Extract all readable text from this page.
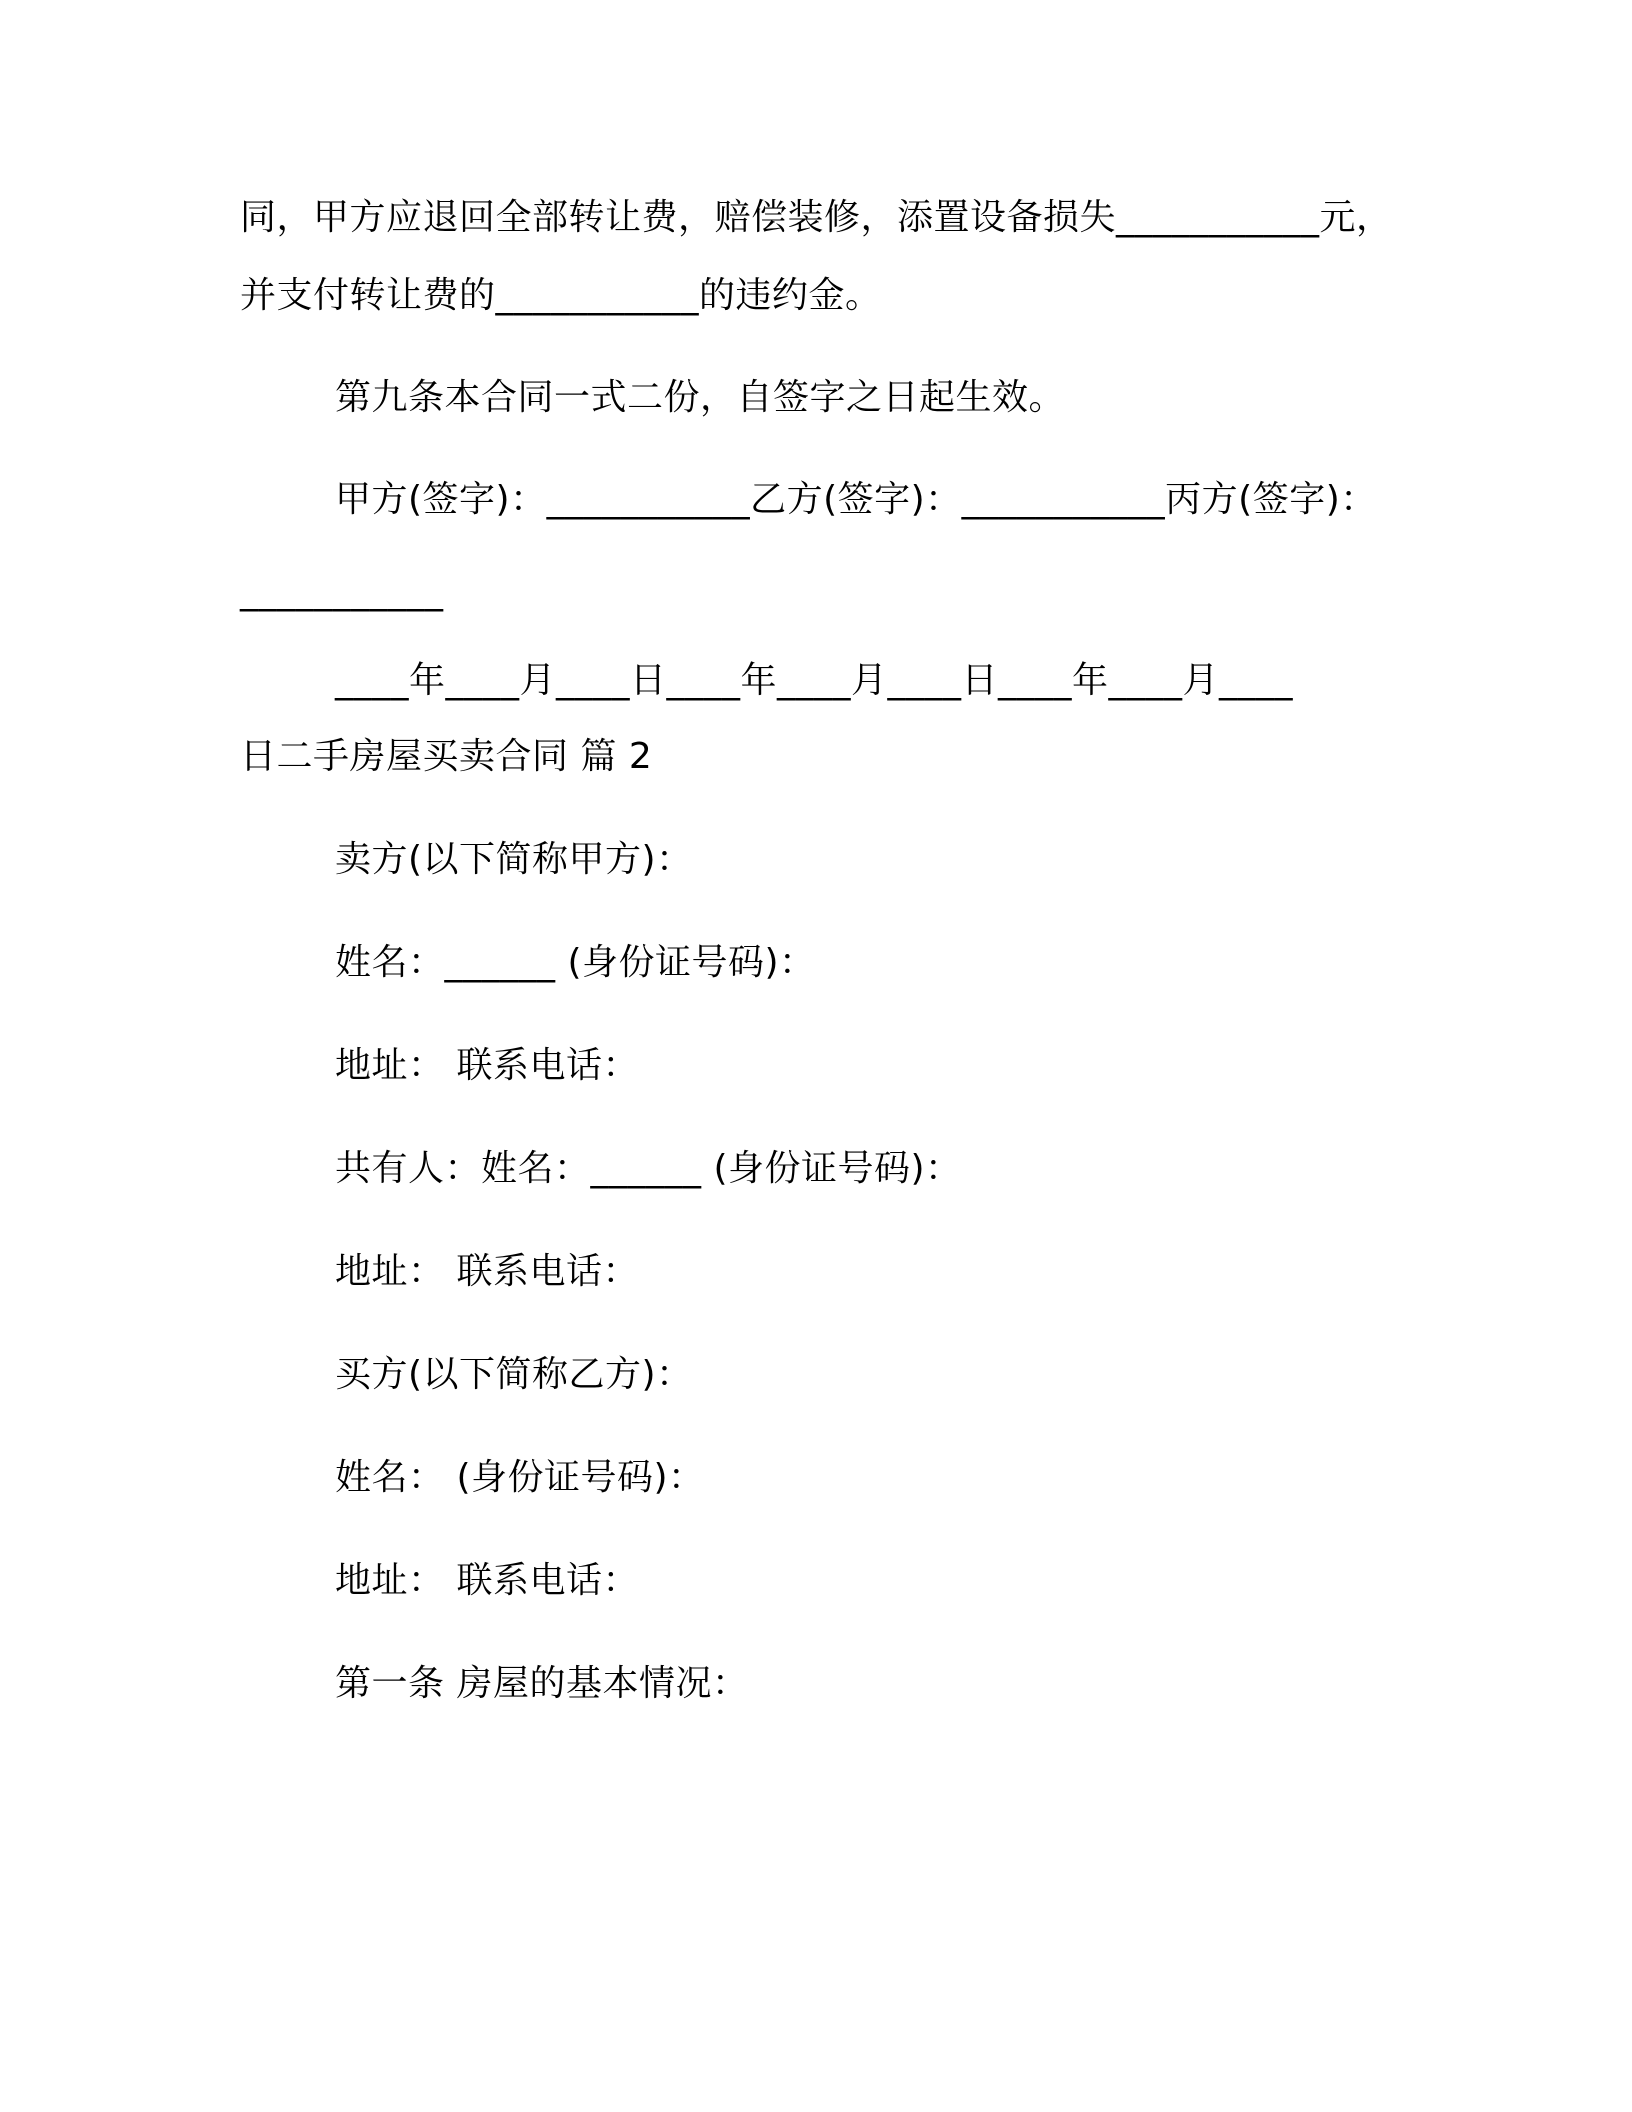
同，甲方应退回全部转让费，赔偿装修，添置设备损失___________元，
并支付转让费的___________的违约金。
第九条本合同一式二份，自签字之日起生效。
甲方(签字)：___________乙方(签字)：___________丙方(签字)：
___________
____年____月____日____年____月____日____年____月____
日二手房屋买卖合同 篇 2
卖方(以下简称甲方)：
姓名：______ (身份证号码)：
地址： 联系电话：
共有人：姓名：______ (身份证号码)：
地址： 联系电话：
买方(以下简称乙方)：
姓名： (身份证号码)：
地址： 联系电话：
第一条 房屋的基本情况：
